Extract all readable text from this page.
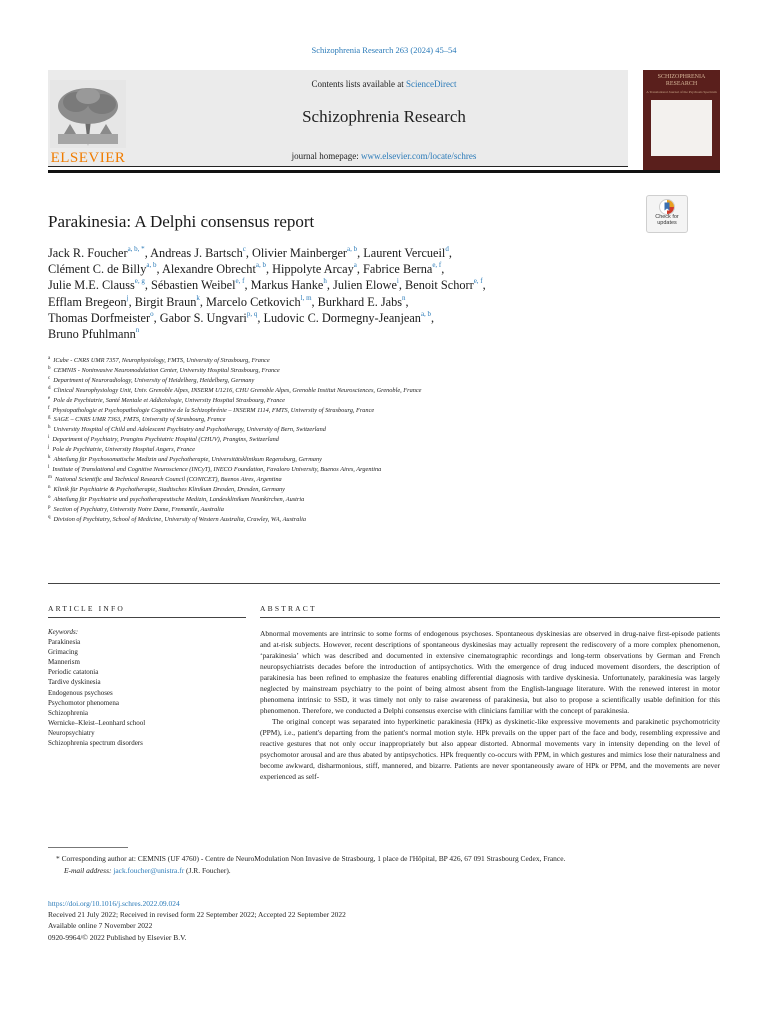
Schizophrenia Research 263 (2024) 45–54
ELSEVIER
Contents lists available at ScienceDirect
Schizophrenia Research
journal homepage: www.elsevier.com/locate/schres
SCHIZOPHRENIA RESEARCH
A Translational Journal of the Psychosis Spectrum
Check for updates
Parakinesia: A Delphi consensus report
Jack R. Foucher$^{a, b, *}$, Andreas J. Bartsch$^c$, Olivier Mainberger$^{a, b}$, Laurent Vercueil$^d$,
Clément C. de Billy$^{a, b}$, Alexandre Obrecht$^{a, b}$, Hippolyte Arcay$^a$, Fabrice Berna$^{e, f}$,
Julie M.E. Clauss$^{e, g}$, Sébastien Weibel$^{e, f}$, Markus Hanke$^h$, Julien Elowe$^i$, Benoit Schorr$^{e, f}$,
Efflam Bregeon$^j$, Birgit Braun$^k$, Marcelo Cetkovich$^{l, m}$, Burkhard E. Jabs$^n$,
Thomas Dorfmeister$^o$, Gabor S. Ungvari$^{p, q}$, Ludovic C. Dormegny-Jeanjean$^{a, b}$,
Bruno Pfuhlmann$^n$
$^a$ ICube - CNRS UMR 7357, Neurophysiology, FMTS, University of Strasbourg, France
$^b$ CEMNIS - Noninvasive Neuromodulation Center, University Hospital Strasbourg, France
$^c$ Department of Neuroradiology, University of Heidelberg, Heidelberg, Germany
$^d$ Clinical Neurophysiology Unit, Univ. Grenoble Alpes, INSERM U1216, CHU Grenoble Alpes, Grenoble Institut Neurosciences, Grenoble, France
$^e$ Pole de Psychiatrie, Santé Mentale et Addictologie, University Hospital Strasbourg, France
$^f$ Physiopathologie et Psychopathologie Cognitive de la Schizophrénie – INSERM 1114, FMTS, University of Strasbourg, France
$^g$ SAGE – CNRS UMR 7363, FMTS, University of Strasbourg, France
$^h$ University Hospital of Child and Adolescent Psychiatry and Psychotherapy, University of Bern, Switzerland
$^i$ Department of Psychiatry, Prangins Psychiatric Hospital (CHUV), Prangins, Switzerland
$^j$ Pole de Psychiatrie, University Hospital Angers, France
$^k$ Abteilung für Psychosomatische Medizin und Psychotherapie, Universitätsklinikum Regensburg, Germany
$^l$ Institute of Translational and Cognitive Neuroscience (INCyT), INECO Foundation, Favaloro University, Buenos Aires, Argentina
$^m$ National Scientific and Technical Research Council (CONICET), Buenos Aires, Argentina
$^n$ Klinik für Psychiatrie & Psychotherapie, Stadtisches Klinikum Dresden, Dresden, Germany
$^o$ Abteilung für Psychiatrie und psychotherapeutische Medizin, Landesklinikum Neunkirchen, Austria
$^p$ Section of Psychiatry, University Notre Dame, Fremantle, Australia
$^q$ Division of Psychiatry, School of Medicine, University of Western Australia, Crawley, WA, Australia
ARTICLE INFO	ABSTRACT
Keywords:
Parakinesia
Grimacing
Mannerism
Periodic catatonia
Tardive dyskinesia
Endogenous psychoses
Psychomotor phenomena
Schizophrenia
Wernicke–Kleist–Leonhard school
Neuropsychiatry
Schizophrenia spectrum disorders

Abnormal movements are intrinsic to some forms of endogenous psychoses. Spontaneous dyskinesias are observed in drug-naive first-episode patients and at-risk subjects. However, recent descriptions of spontaneous dyskinesias may actually represent the rediscovery of a more complex phenomenon, ‘parakinesia’ which was described and documented in extensive cinematographic recordings and long-term observations by German and French neuropsychiatrists decades before the introduction of antipsychotics. With the emergence of drug induced movement disorders, the description of parakinesia has been refined to emphasize the features enabling differential diagnosis with tardive dyskinesia. Unfortunately, parakinesia was largely neglected by mainstream psychiatry to the point of being almost absent from the English-language literature. With the renewed interest in motor phenomena intrinsic to SSD, it was timely not only to raise awareness of parakinesia, but also to propose a scientifically usable definition for this phenomenon. Therefore, we conducted a Delphi consensus exercise with clinicians familiar with the concept of parakinesia.

The original concept was separated into hyperkinetic parakinesia (HPk) as dyskinetic-like expressive movements and parakinetic psychomotricity (PPM), i.e., patient's departing from the patient's normal motion style. HPk prevails on the upper part of the face and body, resembling expressive and reactive gestures that not only occur inappropriately but also appear distorted. Abnormal movements vary in intensity depending on the level of psychomotor arousal and are thus abated by antipsychotics. HPk frequently co-occurs with PPM, in which gestures and mimics lose their naturalness and become awkward, disharmonious, stiff, mannered, and bizarre. Patients are never spontaneously aware of HPk or PPM, and the movements are never experienced as self-

* Corresponding author at: CEMNIS (UF 4760) - Centre de NeuroModulation Non Invasive de Strasbourg, 1 place de l'Hôpital, BP 426, 67 091 Strasbourg Cedex, France.
E-mail address: jack.foucher@unistra.fr (J.R. Foucher).
https://doi.org/10.1016/j.schres.2022.09.024
Received 21 July 2022; Received in revised form 22 September 2022; Accepted 22 September 2022
Available online 7 November 2022
0920-9964/© 2022 Published by Elsevier B.V.
